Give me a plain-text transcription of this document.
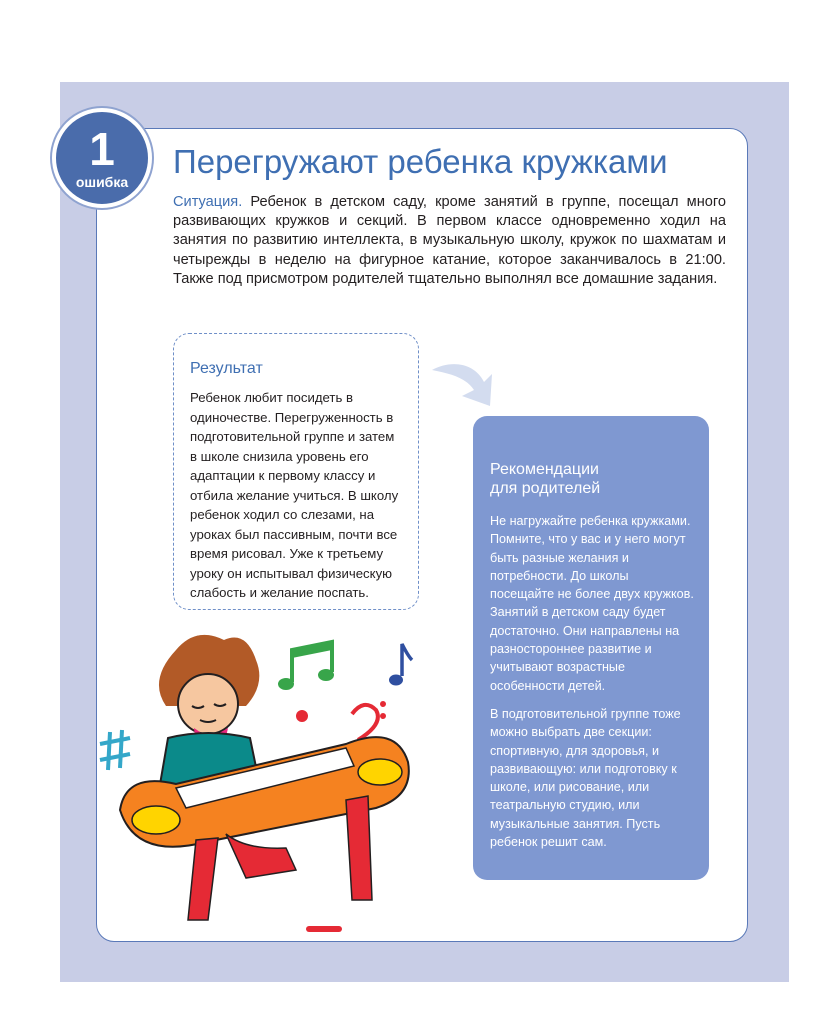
1
ошибка
Перегружают ребенка кружками

Ситуация. Ребенок в детском саду, кроме занятий в группе, посещал много развивающих кружков и секций. В первом классе одновременно ходил на занятия по развитию интеллекта, в музыкальную школу, кружок по шахматам и четырежды в неделю на фигурное катание, которое заканчивалось в 21:00. Также под присмотром родителей тщательно выполнял все домашние задания.

Результат

Ребенок любит посидеть в одиночестве. Перегруженность в подготовительной группе и затем в школе снизила уровень его адаптации к первому классу и отбила желание учиться. В школу ребенок ходил со слезами, на уроках был пассивным, почти все время рисовал. Уже к третьему уроку он испытывал физическую слабость и желание поспать.

Рекомендации
для родителей

Не нагружайте ребенка кружками. Помните, что у вас и у него могут быть разные желания и потребности. До школы посещайте не более двух кружков. Занятий в детском саду будет достаточно. Они направлены на разностороннее развитие и учитывают возрастные особенности детей.

В подготовительной группе тоже можно выбрать две секции: спортивную, для здоровья, и развивающую: или подготовку к школе, или рисование, или театральную студию, или музыкальные занятия. Пусть ребенок решит сам.
